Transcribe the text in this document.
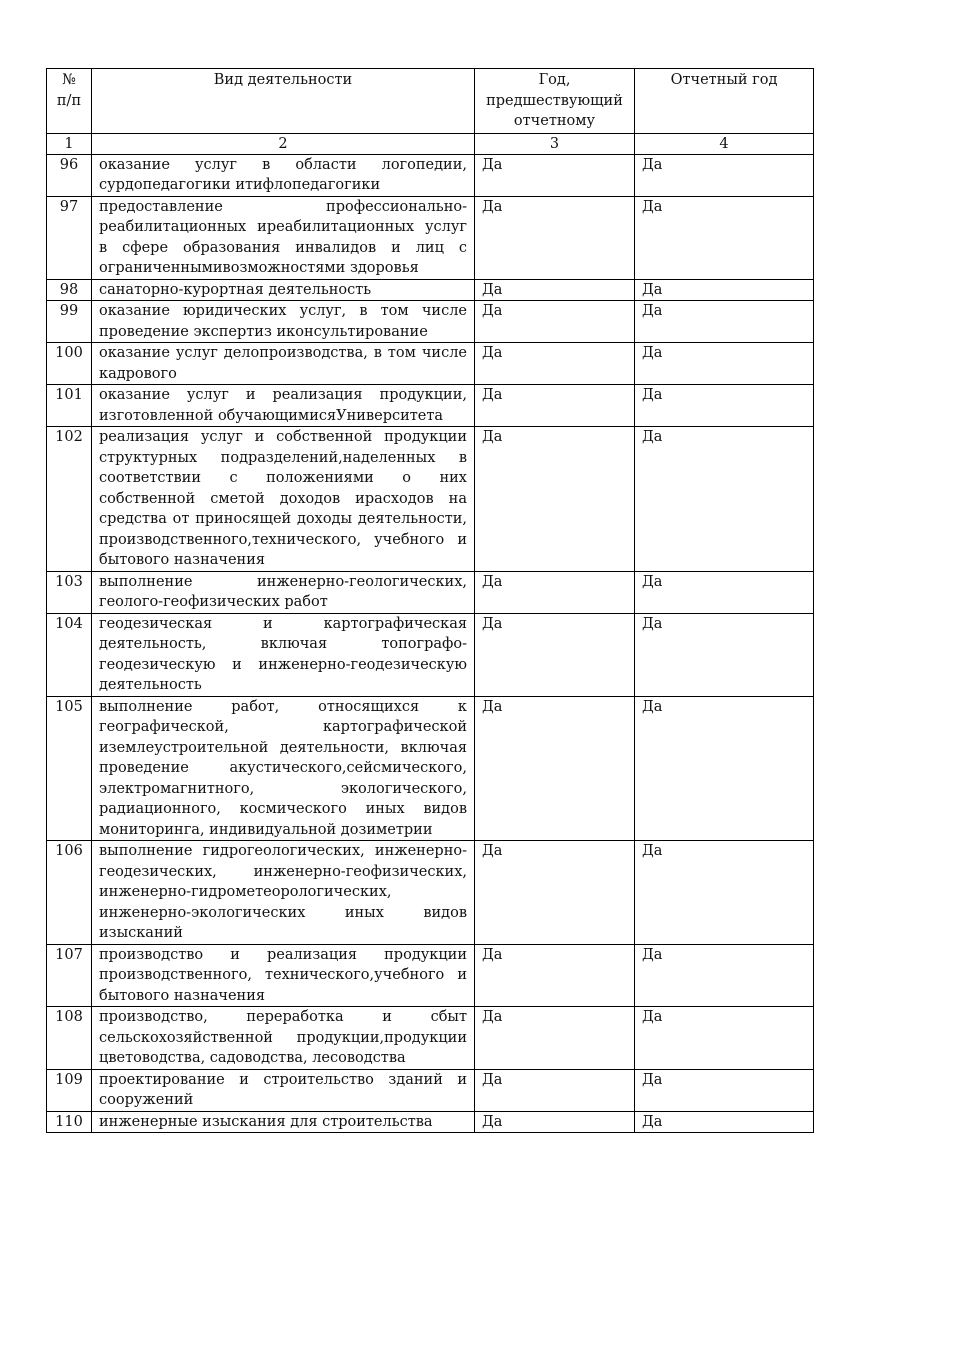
№ п/п	Вид деятельности	Год, предшествующий отчетному	Отчетный год
1	2	3	4
96	оказание услуг в области логопедии, сурдопедагогики итифлопедагогики	Да	Да
97	предоставление профессионально-реабилитационных иреабилитационных услуг в сфере образования инвалидов и лиц с ограниченнымивозможностями здоровья	Да	Да
98	санаторно-курортная деятельность	Да	Да
99	оказание юридических услуг, в том числе проведение экспертиз иконсультирование	Да	Да
100	оказание услуг делопроизводства, в том числе кадрового	Да	Да
101	оказание услуг и реализация продукции, изготовленной обучающимисяУниверситета	Да	Да
102	реализация услуг и собственной продукции структурных подразделений,наделенных в соответствии с положениями о них собственной сметой доходов ирасходов на средства от приносящей доходы деятельности, производственного,технического, учебного и бытового назначения	Да	Да
103	выполнение инженерно-геологических, геолого-геофизических работ	Да	Да
104	геодезическая и картографическая деятельность, включая топографо-геодезическую и инженерно-геодезическую деятельность	Да	Да
105	выполнение работ, относящихся к географической, картографической иземлеустроительной деятельности, включая проведение акустического,сейсмического, электромагнитного, экологического, радиационного, космического иных видов мониторинга, индивидуальной дозиметрии	Да	Да
106	выполнение гидрогеологических, инженерно-геодезических, инженерно-геофизических, инженерно-гидрометеорологических, инженерно-экологических иных видов изысканий	Да	Да
107	производство и реализация продукции производственного, технического,учебного и бытового назначения	Да	Да
108	производство, переработка и сбыт сельскохозяйственной продукции,продукции цветоводства, садоводства, лесоводства	Да	Да
109	проектирование и строительство зданий и сооружений	Да	Да
110	инженерные изыскания для строительства	Да	Да
